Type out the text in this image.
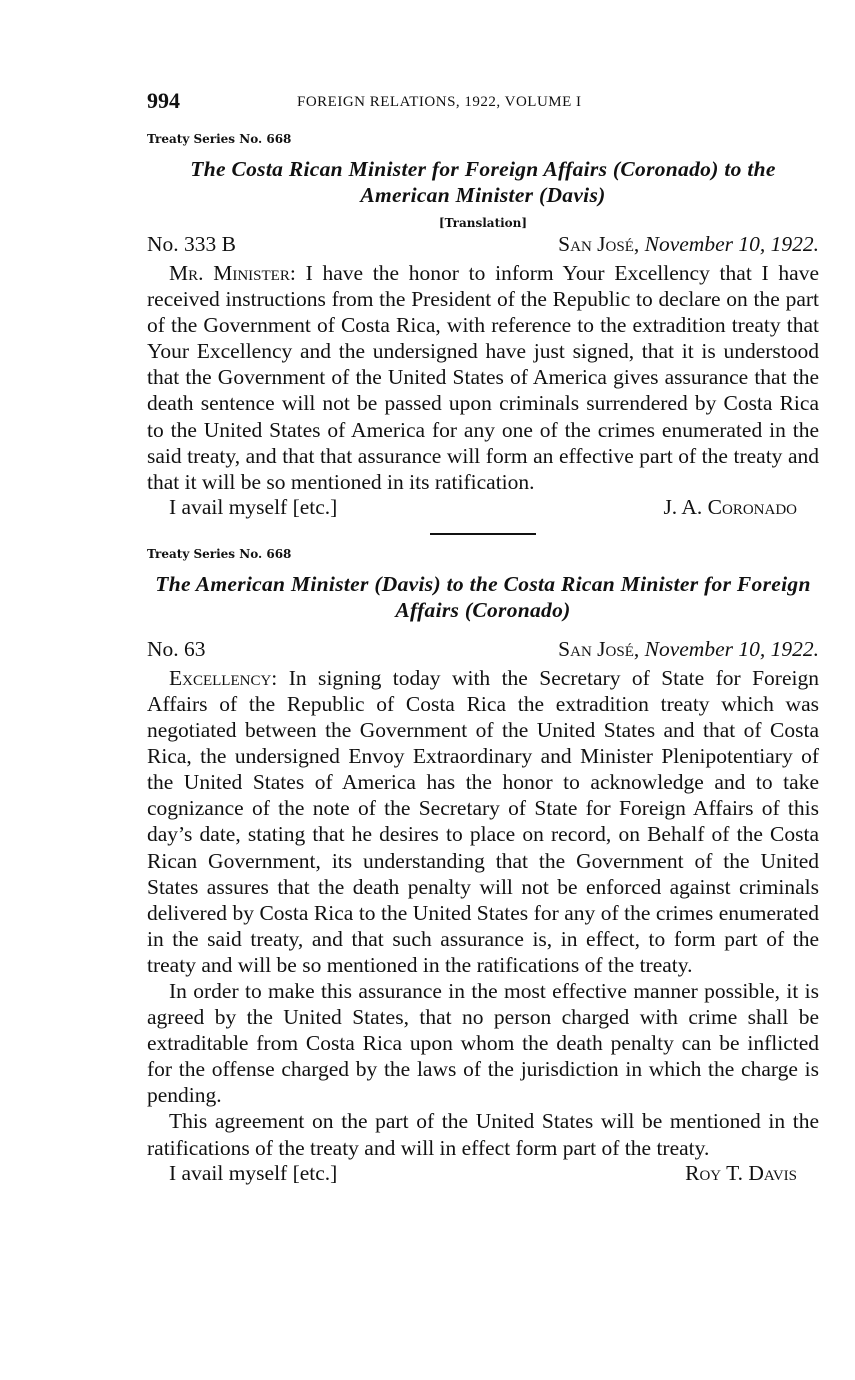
994	FOREIGN RELATIONS, 1922, VOLUME I
Treaty Series No. 668
The Costa Rican Minister for Foreign Affairs (Coronado) to the American Minister (Davis)
[Translation]
No. 333 B	San José, November 10, 1922.

Mr. Minister: I have the honor to inform Your Excellency that I have received instructions from the President of the Republic to declare on the part of the Government of Costa Rica, with reference to the extradition treaty that Your Excellency and the undersigned have just signed, that it is understood that the Government of the United States of America gives assurance that the death sentence will not be passed upon criminals surrendered by Costa Rica to the United States of America for any one of the crimes enumerated in the said treaty, and that that assurance will form an effective part of the treaty and that it will be so mentioned in its ratification.

I avail myself [etc.]	J. A. Coronado
Treaty Series No. 668
The American Minister (Davis) to the Costa Rican Minister for Foreign Affairs (Coronado)
No. 63	San José, November 10, 1922.

Excellency: In signing today with the Secretary of State for Foreign Affairs of the Republic of Costa Rica the extradition treaty which was negotiated between the Government of the United States and that of Costa Rica, the undersigned Envoy Extraordinary and Minister Plenipotentiary of the United States of America has the honor to acknowledge and to take cognizance of the note of the Secretary of State for Foreign Affairs of this day’s date, stating that he desires to place on record, on Behalf of the Costa Rican Government, its understanding that the Government of the United States assures that the death penalty will not be enforced against criminals delivered by Costa Rica to the United States for any of the crimes enumerated in the said treaty, and that such assurance is, in effect, to form part of the treaty and will be so mentioned in the ratifications of the treaty.

In order to make this assurance in the most effective manner possible, it is agreed by the United States, that no person charged with crime shall be extraditable from Costa Rica upon whom the death penalty can be inflicted for the offense charged by the laws of the jurisdiction in which the charge is pending.

This agreement on the part of the United States will be mentioned in the ratifications of the treaty and will in effect form part of the treaty.

I avail myself [etc.]	Roy T. Davis
